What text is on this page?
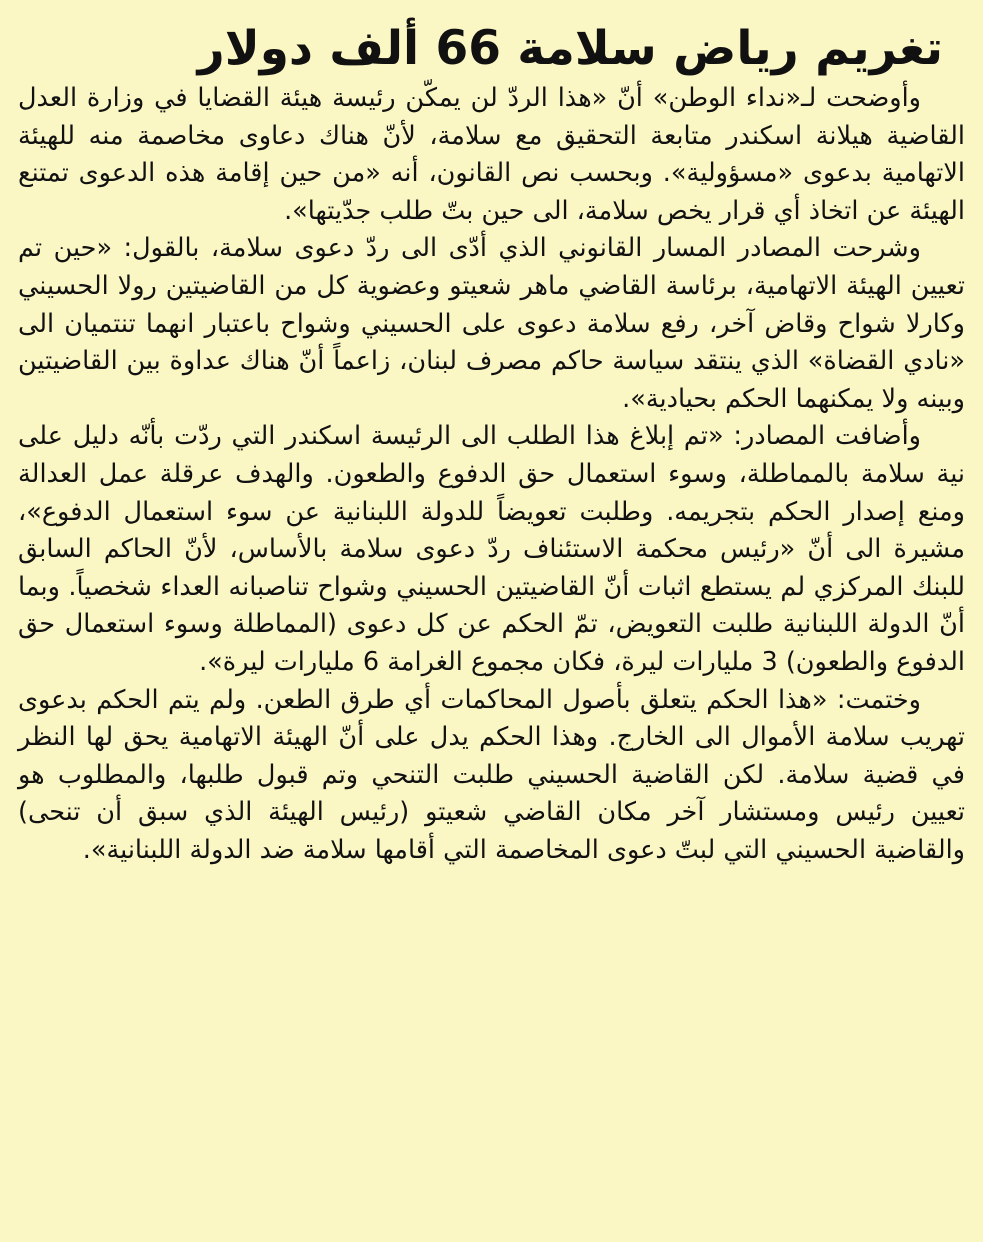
تغريم رياض سلامة 66 ألف دولار

وأوضحت لـ«نداء الوطن» أنّ «هذا الردّ لن يمكّن رئيسة هيئة القضايا في وزارة العدل القاضية هيلانة اسكندر متابعة التحقيق مع سلامة، لأنّ هناك دعاوى مخاصمة منه للهيئة الاتهامية بدعوى «مسؤولية». وبحسب نص القانون، أنه «من حين إقامة هذه الدعوى تمتنع الهيئة عن اتخاذ أي قرار يخص سلامة، الى حين بتّ طلب جدّيتها».

وشرحت المصادر المسار القانوني الذي أدّى الى ردّ دعوى سلامة، بالقول: «حين تم تعيين الهيئة الاتهامية، برئاسة القاضي ماهر شعيتو وعضوية كل من القاضيتين رولا الحسيني وكارلا شواح وقاض آخر، رفع سلامة دعوى على الحسيني وشواح باعتبار انهما تنتميان الى «نادي القضاة» الذي ينتقد سياسة حاكم مصرف لبنان، زاعماً أنّ هناك عداوة بين القاضيتين وبينه ولا يمكنهما الحكم بحيادية».

وأضافت المصادر: «تم إبلاغ هذا الطلب الى الرئيسة اسكندر التي ردّت بأنّه دليل على نية سلامة بالمماطلة، وسوء استعمال حق الدفوع والطعون. والهدف عرقلة عمل العدالة ومنع إصدار الحكم بتجريمه. وطلبت تعويضاً للدولة اللبنانية عن سوء استعمال الدفوع»، مشيرة الى أنّ «رئيس محكمة الاستئناف ردّ دعوى سلامة بالأساس، لأنّ الحاكم السابق للبنك المركزي لم يستطع اثبات أنّ القاضيتين الحسيني وشواح تناصبانه العداء شخصياً. وبما أنّ الدولة اللبنانية طلبت التعويض، تمّ الحكم عن كل دعوى (المماطلة وسوء استعمال حق الدفوع والطعون) 3 مليارات ليرة، فكان مجموع الغرامة 6 مليارات ليرة».

وختمت: «هذا الحكم يتعلق بأصول المحاكمات أي طرق الطعن. ولم يتم الحكم بدعوى تهريب سلامة الأموال الى الخارج. وهذا الحكم يدل على أنّ الهيئة الاتهامية يحق لها النظر في قضية سلامة. لكن القاضية الحسيني طلبت التنحي وتم قبول طلبها، والمطلوب هو تعيين رئيس ومستشار آخر مكان القاضي شعيتو (رئيس الهيئة الذي سبق أن تنحى) والقاضية الحسيني التي لبتّ دعوى المخاصمة التي أقامها سلامة ضد الدولة اللبنانية».
